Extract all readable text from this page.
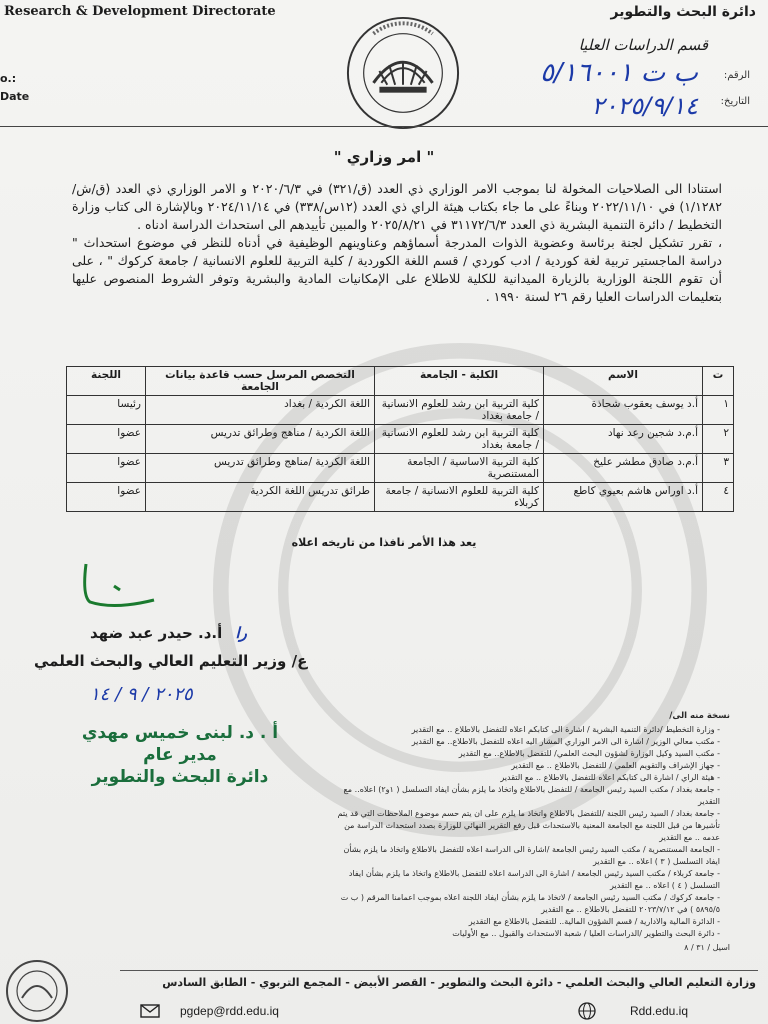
Research & Development Directorate	دائرة البحث والتطوير
قسم الدراسات العليا
o.:
Date
الرقم:
التاريخ:
ب ت ٥/١٦٠٠١
٢٠٢٥/٩/١٤
" امر وزاري "

استنادا الى الصلاحيات المخولة لنا بموجب الامر الوزاري ذي العدد (ق/٣٢١) في ٢٠٢٠/٦/٣ و الامر الوزاري ذي العدد (ق/ش/١/١٢٨٢) في ٢٠٢٢/١١/١٠ وبناءً على ما جاء بكتاب هيئة الراي ذي العدد (١٢س/٣٣٨) في ٢٠٢٤/١١/١٤ وبالإشارة الى كتاب وزارة التخطيط / دائرة التنمية البشرية ذي العدد ٣١١٧٢/٦/٣ في ٢٠٢٥/٨/٢١ والمبين تأييدهم الى استحداث الدراسة ادناه .

، تقرر تشكيل لجنة برئاسة وعضوية الذوات المدرجة أسماؤهم وعناوينهم الوظيفية في أدناه للنظر في موضوع استحداث " دراسة الماجستير تربية لغة كوردية / ادب كوردي / قسم اللغة الكوردية / كلية التربية للعلوم الانسانية / جامعة كركوك " ، على أن تقوم اللجنة الوزارية بالزيارة الميدانية للكلية للاطلاع على الإمكانيات المادية والبشرية وتوفر الشروط المنصوص عليها بتعليمات الدراسات العليا رقم ٢٦ لسنة ١٩٩٠ .

ت	الاسم	الكلية - الجامعة	التخصص المرسل حسب قاعدة بيانات الجامعة	اللجنة
١	أ.د يوسف يعقوب شحاذة	كلية التربية ابن رشد للعلوم الانسانية / جامعة بغداد	اللغة الكردية / بغداد	رئيسا
٢	أ.م.د شجين رعد نهاد	كلية التربية ابن رشد للعلوم الانسانية / جامعة بغداد	اللغة الكردية / مناهج وطرائق تدريس	عضوا
٣	أ.م.د صادق مطشر عليخ	كلية التربية الاساسية / الجامعة المستنصرية	اللغة الكردية /مناهج وطرائق تدريس	عضوا
٤	أ.د اوراس هاشم بعيوي كاطع	كلية التربية للعلوم الانسانية / جامعة كربلاء	طرائق تدريس اللغة الكردية	عضوا
يعد هذا الأمر نافذا من تاريخه اعلاه
را أ.د. حيدر عبد ضهد
ع/ وزير التعليم العالي والبحث العلمي
٢٠٢٥ / ٩ / ١٤
أ . د. لبنى خميس مهدي
مدير عام
دائرة البحث والتطوير
نسخة منه الى/
- وزارة التخطيط /دائرة التنمية البشرية / اشارة الى كتابكم اعلاه للتفضل بالاطلاع .. مع التقدير
- مكتب معالي الوزير / اشارة الى الامر الوزاري المشار اليه اعلاه للتفضل بالاطلاع.. مع التقدير
- مكتب السيد وكيل الوزارة لشؤون البحث العلمي/ للتفضل بالاطلاع.. مع التقدير
- جهاز الإشراف والتقويم العلمي / للتفضل بالاطلاع .. مع التقدير
- هيئة الراي / اشارة الى كتابكم اعلاه للتفضل بالاطلاع .. مع التقدير
- جامعة بغداد / مكتب السيد رئيس الجامعة / للتفضل بالاطلاع واتخاذ ما يلزم بشأن ايفاد التسلسل ( ١و٢) اعلاه.. مع التقدير
- جامعة بغداد / السيد رئيس اللجنة /للتفضل بالاطلاع واتخاذ ما يلزم على ان يتم حسم موضوع الملاحظات التي قد يتم تأشيرها من قبل اللجنة مع الجامعة المعنية بالاستحداث قبل رفع التقرير النهائي للوزارة بصدد استحداث الدراسة من عدمه .. مع التقدير
- الجامعة المستنصرية / مكتب السيد رئيس الجامعة /اشارة الى الدراسة اعلاه للتفضل بالاطلاع واتخاذ ما يلزم بشأن ايفاد التسلسل ( ٣ ) اعلاه .. مع التقدير
- جامعة كربلاء / مكتب السيد رئيس الجامعة / اشارة الى الدراسة اعلاه للتفضل بالاطلاع واتخاذ ما يلزم بشأن ايفاد التسلسل ( ٤ ) اعلاه .. مع التقدير
- جامعة كركوك / مكتب السيد رئيس الجامعة / لاتخاذ ما يلزم بشأن ايفاد اللجنة اعلاه بموجب اعمامنا المرقم ( ب ت ٥٨٩٥/٥ ) في ٢٠٢٣/٧/١٢ للتفضل بالاطلاع .. مع التقدير
- الدائرة المالية والادارية / قسم الشؤون المالية.. للتفضل بالاطلاع مع التقدير
- دائرة البحث والتطوير /الدراسات العليا / شعبة الاستحداث والقبول .. مع الأوليات
اسيل / ٣١ / ٨
وزارة التعليم العالي والبحث العلمي - دائرة البحث والتطوير - القصر الأبيض - المجمع التربوي - الطابق السادس
pgdep@rdd.edu.iq	Rdd.edu.iq
